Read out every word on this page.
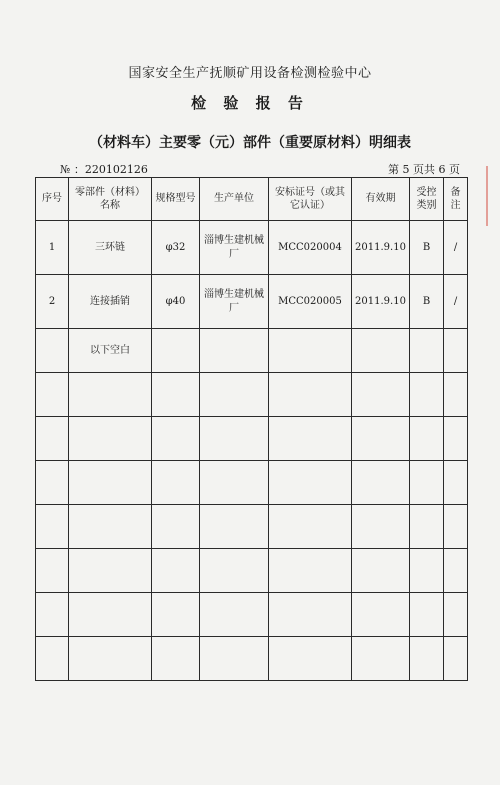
国家安全生产抚顺矿用设备检测检验中心
检 验 报 告
（材料车）主要零（元）部件（重要原材料）明细表
№ ：220102126	第 5 页共 6 页
序号	零部件（材料）名称	规格型号	生产单位	安标证号（或其它认证）	有效期	受控类别	备注
1	三环链	φ32	淄博生建机械厂	MCC020004	2011.9.10	B	/
2	连接插销	φ40	淄博生建机械厂	MCC020005	2011.9.10	B	/
	以下空白						
